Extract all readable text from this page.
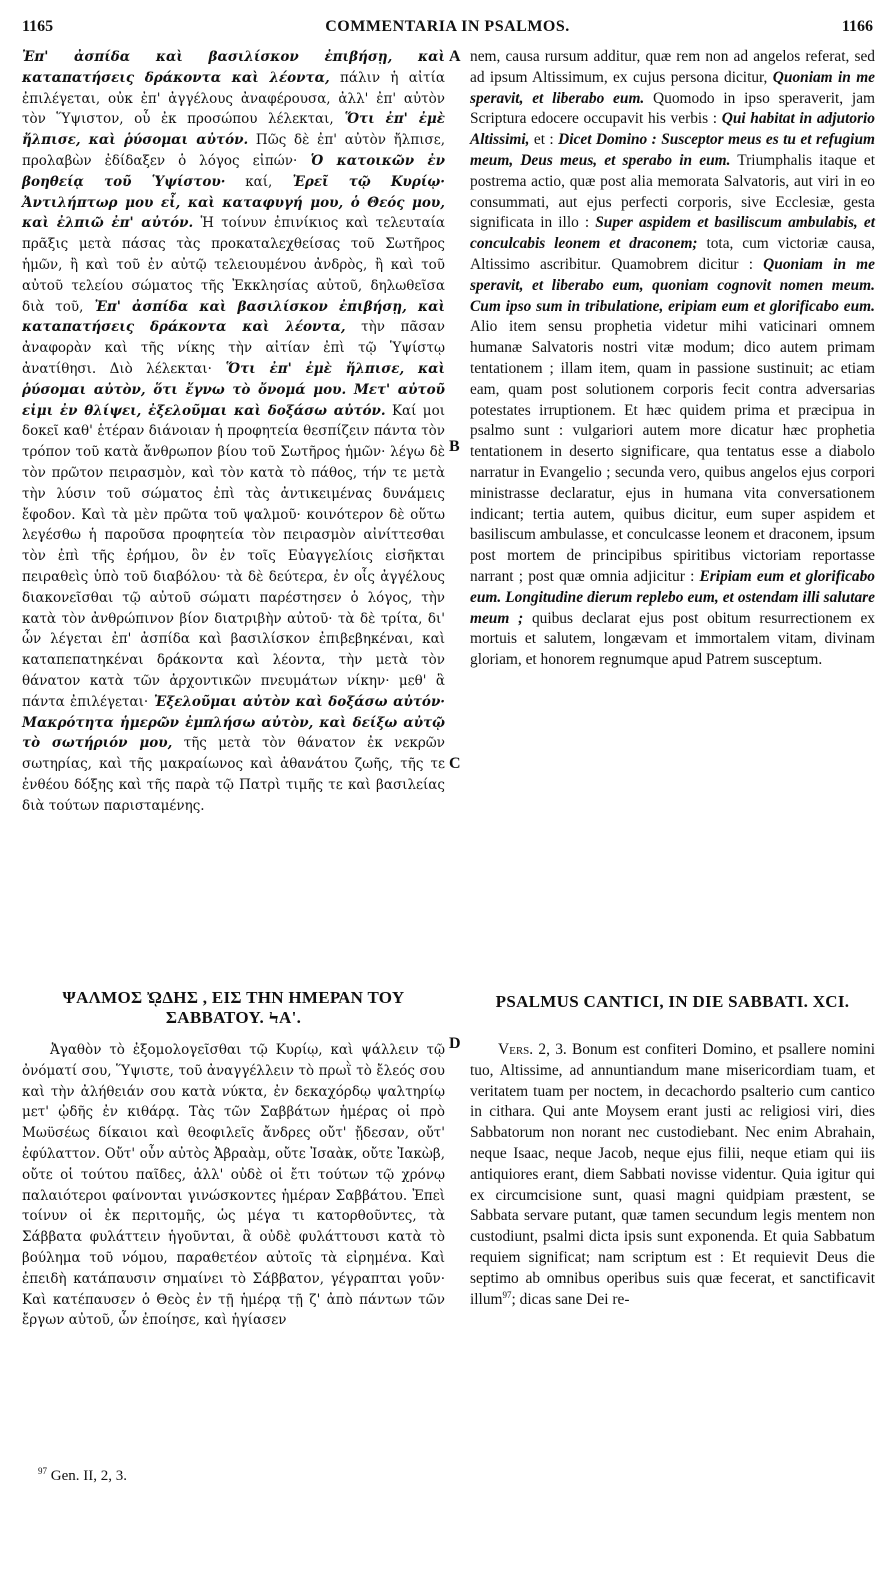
1165	COMMENTARIA IN PSALMOS.	1166
A
B
C
D

Ἐπ' ἀσπίδα καὶ βασιλίσκον ἐπιβήσῃ, καὶ καταπατήσεις δράκοντα καὶ λέοντα, πάλιν ἡ αἰτία ἐπιλέγεται, οὐκ ἐπ' ἀγγέλους ἀναφέρουσα, ἀλλ' ἐπ' αὐτὸν τὸν Ὕψιστον, οὗ ἐκ προσώπου λέλεκται, Ὅτι ἐπ' ἐμὲ ἤλπισε, καὶ ῥύσομαι αὐτόν. Πῶς δὲ ἐπ' αὐτὸν ἤλπισε, προλαβὼν ἐδίδαξεν ὁ λόγος εἰπών· Ὁ κατοικῶν ἐν βοηθείᾳ τοῦ Ὑψίστου· καί, Ἐρεῖ τῷ Κυρίῳ· Ἀντιλήπτωρ μου εἶ, καὶ καταφυγή μου, ὁ Θεός μου, καὶ ἐλπιῶ ἐπ' αὐτόν. Ἡ τοίνυν ἐπινίκιος καὶ τελευταία πρᾶξις μετὰ πάσας τὰς προκαταλεχθείσας τοῦ Σωτῆρος ἡμῶν, ἢ καὶ τοῦ ἐν αὐτῷ τελειουμένου ἀνδρὸς, ἢ καὶ τοῦ αὐτοῦ τελείου σώματος τῆς Ἐκκλησίας αὐτοῦ, δηλωθεῖσα διὰ τοῦ, Ἐπ' ἀσπίδα καὶ βασιλίσκον ἐπιβήσῃ, καὶ καταπατήσεις δράκοντα καὶ λέοντα, τὴν πᾶσαν ἀναφορὰν καὶ τῆς νίκης τὴν αἰτίαν ἐπὶ τῷ Ὑψίστῳ ἀνατίθησι. Διὸ λέλεκται· Ὅτι ἐπ' ἐμὲ ἤλπισε, καὶ ῥύσομαι αὐτὸν, ὅτι ἔγνω τὸ ὄνομά μου. Μετ' αὐτοῦ εἰμι ἐν θλίψει, ἐξελοῦμαι καὶ δοξάσω αὐτόν. Καί μοι δοκεῖ καθ' ἑτέραν διάνοιαν ἡ προφητεία θεσπίζειν πάντα τὸν τρόπον τοῦ κατὰ ἄνθρωπον βίου τοῦ Σωτῆρος ἡμῶν· λέγω δὲ τὸν πρῶτον πειρασμὸν, καὶ τὸν κατὰ τὸ πάθος, τήν τε μετὰ τὴν λύσιν τοῦ σώματος ἐπὶ τὰς ἀντικειμένας δυνάμεις ἔφοδον. Καὶ τὰ μὲν πρῶτα τοῦ ψαλμοῦ· κοινότερον δὲ οὕτω λεγέσθω ἡ παροῦσα προφητεία τὸν πειρασμὸν αἰνίττεσθαι τὸν ἐπὶ τῆς ἐρήμου, ὃν ἐν τοῖς Εὐαγγελίοις εἰσῆκται πειραθεὶς ὑπὸ τοῦ διαβόλου· τὰ δὲ δεύτερα, ἐν οἷς ἀγγέλους διακονεῖσθαι τῷ αὐτοῦ σώματι παρέστησεν ὁ λόγος, τὴν κατὰ τὸν ἀνθρώπινον βίον διατριβὴν αὐτοῦ· τὰ δὲ τρίτα, δι' ὧν λέγεται ἐπ' ἀσπίδα καὶ βασιλίσκον ἐπιβεβηκέναι, καὶ καταπεπατηκέναι δράκοντα καὶ λέοντα, τὴν μετὰ τὸν θάνατον κατὰ τῶν ἀρχοντικῶν πνευμάτων νίκην· μεθ' ἃ πάντα ἐπιλέγεται· Ἐξελοῦμαι αὐτὸν καὶ δοξάσω αὐτόν· Μακρότητα ἡμερῶν ἐμπλήσω αὐτὸν, καὶ δείξω αὐτῷ τὸ σωτήριόν μου, τῆς μετὰ τὸν θάνατον ἐκ νεκρῶν σωτηρίας, καὶ τῆς μακραίωνος καὶ ἀθανάτου ζωῆς, τῆς τε ἐνθέου δόξης καὶ τῆς παρὰ τῷ Πατρὶ τιμῆς τε καὶ βασιλείας διὰ τούτων παρισταμένης.

nem, causa rursum additur, quæ rem non ad angelos referat, sed ad ipsum Altissimum, ex cujus persona dicitur, Quoniam in me speravit, et liberabo eum. Quomodo in ipso speraverit, jam Scriptura edocere occupavit his verbis : Qui habitat in adjutorio Altissimi, et : Dicet Domino : Susceptor meus es tu et refugium meum, Deus meus, et sperabo in eum. Triumphalis itaque et postrema actio, quæ post alia memorata Salvatoris, aut viri in eo consummati, aut ejus perfecti corporis, sive Ecclesiæ, gesta significata in illo : Super aspidem et basiliscum ambulabis, et conculcabis leonem et draconem; tota, cum victoriæ causa, Altissimo ascribitur. Quamobrem dicitur : Quoniam in me speravit, et liberabo eum, quoniam cognovit nomen meum. Cum ipso sum in tribulatione, eripiam eum et glorificabo eum. Alio item sensu prophetia videtur mihi vaticinari omnem humanæ Salvatoris nostri vitæ modum; dico autem primam tentationem ; illam item, quam in passione sustinuit; ac etiam eam, quam post solutionem corporis fecit contra adversarias potestates irruptionem. Et hæc quidem prima et præcipua in psalmo sunt : vulgariori autem more dicatur hæc prophetia tentationem in deserto significare, qua tentatus esse a diabolo narratur in Evangelio ; secunda vero, quibus angelos ejus corpori ministrasse declaratur, ejus in humana vita conversationem indicant; tertia autem, quibus dicitur, eum super aspidem et basiliscum ambulasse, et conculcasse leonem et draconem, ipsum post mortem de principibus spiritibus victoriam reportasse narrant ; post quæ omnia adjicitur : Eripiam eum et glorificabo eum. Longitudine dierum replebo eum, et ostendam illi salutare meum ; quibus declarat ejus post obitum resurrectionem ex mortuis et salutem, longævam et immortalem vitam, divinam gloriam, et honorem regnumque apud Patrem susceptum.

ΨΑΛΜΟΣ ᾨΔΗΣ , ΕΙΣ ΤΗΝ ΗΜΕΡΑΝ ΤΟΥ ΣΑΒΒΑΤΟΥ. ϞΑ'.
PSALMUS CANTICI, IN DIE SABBATI. XCI.

Ἀγαθὸν τὸ ἐξομολογεῖσθαι τῷ Κυρίῳ, καὶ ψάλλειν τῷ ὀνόματί σου, Ὕψιστε, τοῦ ἀναγγέλλειν τὸ πρωῒ τὸ ἔλεός σου καὶ τὴν ἀλήθειάν σου κατὰ νύκτα, ἐν δεκαχόρδῳ ψαλτηρίῳ μετ' ᾠδῆς ἐν κιθάρᾳ. Τὰς τῶν Σαββάτων ἡμέρας οἱ πρὸ Μωϋσέως δίκαιοι καὶ θεοφιλεῖς ἄνδρες οὔτ' ᾔδεσαν, οὔτ' ἐφύλαττον. Οὔτ' οὖν αὐτὸς Ἀβραὰμ, οὔτε Ἰσαὰκ, οὔτε Ἰακὼβ, οὔτε οἱ τούτου παῖδες, ἀλλ' οὐδὲ οἱ ἔτι τούτων τῷ χρόνῳ παλαιότεροι φαίνονται γινώσκοντες ἡμέραν Σαββάτου. Ἐπεὶ τοίνυν οἱ ἐκ περιτομῆς, ὡς μέγα τι κατορθοῦντες, τὰ Σάββατα φυλάττειν ἡγοῦνται, ἃ οὐδὲ φυλάττουσι κατὰ τὸ βούλημα τοῦ νόμου, παραθετέον αὐτοῖς τὰ εἰρημένα. Καὶ ἐπειδὴ κατάπαυσιν σημαίνει τὸ Σάββατον, γέγραπται γοῦν· Καὶ κατέπαυσεν ὁ Θεὸς ἐν τῇ ἡμέρᾳ τῇ ζ' ἀπὸ πάντων τῶν ἔργων αὐτοῦ, ὧν ἐποίησε, καὶ ἡγίασεν

Vers. 2, 3. Bonum est confiteri Domino, et psallere nomini tuo, Altissime, ad annuntiandum mane misericordiam tuam, et veritatem tuam per noctem, in decachordo psalterio cum cantico in cithara. Qui ante Moysem erant justi ac religiosi viri, dies Sabbatorum non norant nec custodiebant. Nec enim Abrahain, neque Isaac, neque Jacob, neque ejus filii, neque etiam qui iis antiquiores erant, diem Sabbati novisse videntur. Quia igitur qui ex circumcisione sunt, quasi magni quidpiam præstent, se Sabbata servare putant, quæ tamen secundum legis mentem non custodiunt, psalmi dicta ipsis sunt exponenda. Et quia Sabbatum requiem significat; nam scriptum est : Et requievit Deus die septimo ab omnibus operibus suis quæ fecerat, et sanctificavit illum$^{97}$; dicas sane Dei re-

$^{97}$ Gen. II, 2, 3.
